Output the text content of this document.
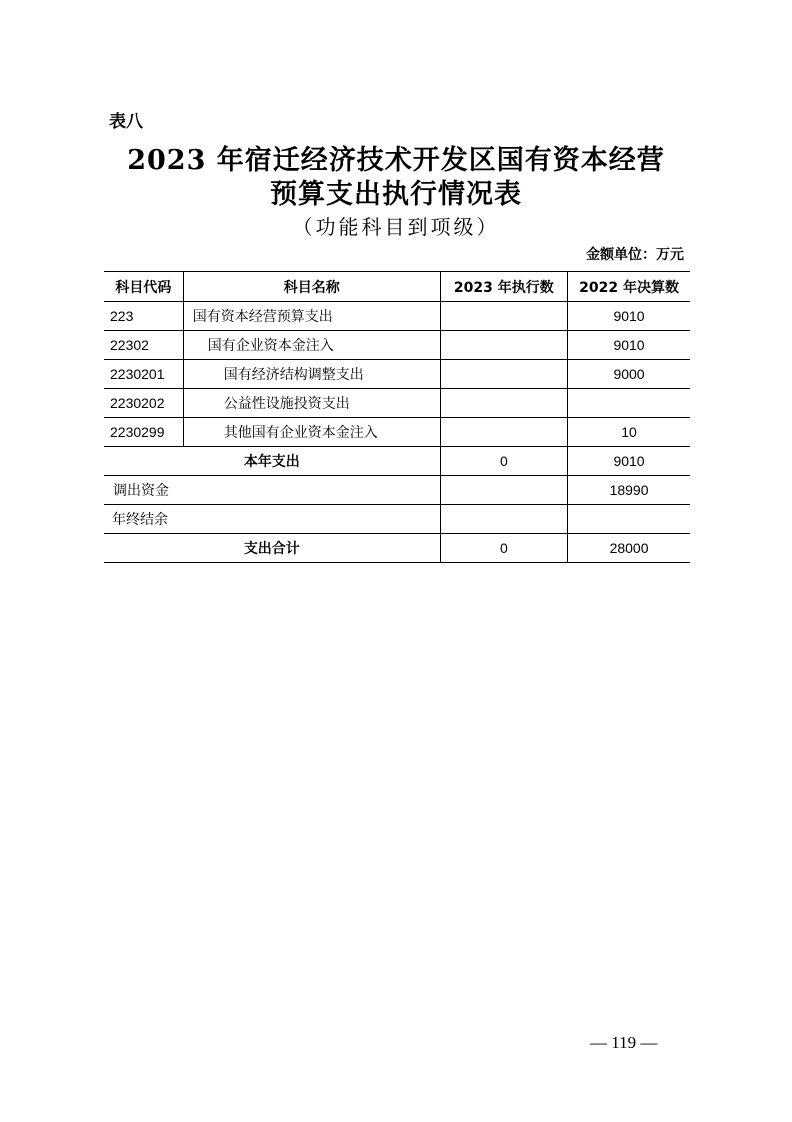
表八
2023 年宿迁经济技术开发区国有资本经营
预算支出执行情况表
（功能科目到项级）
金额单位：万元
科目代码	科目名称	2023 年执行数	2022 年决算数
223	国有资本经营预算支出		9010
22302	国有企业资本金注入		9010
2230201	国有经济结构调整支出		9000
2230202	公益性设施投资支出		
2230299	其他国有企业资本金注入		10
本年支出		0	9010
调出资金			18990
年终结余			
支出合计		0	28000
— 119 —
